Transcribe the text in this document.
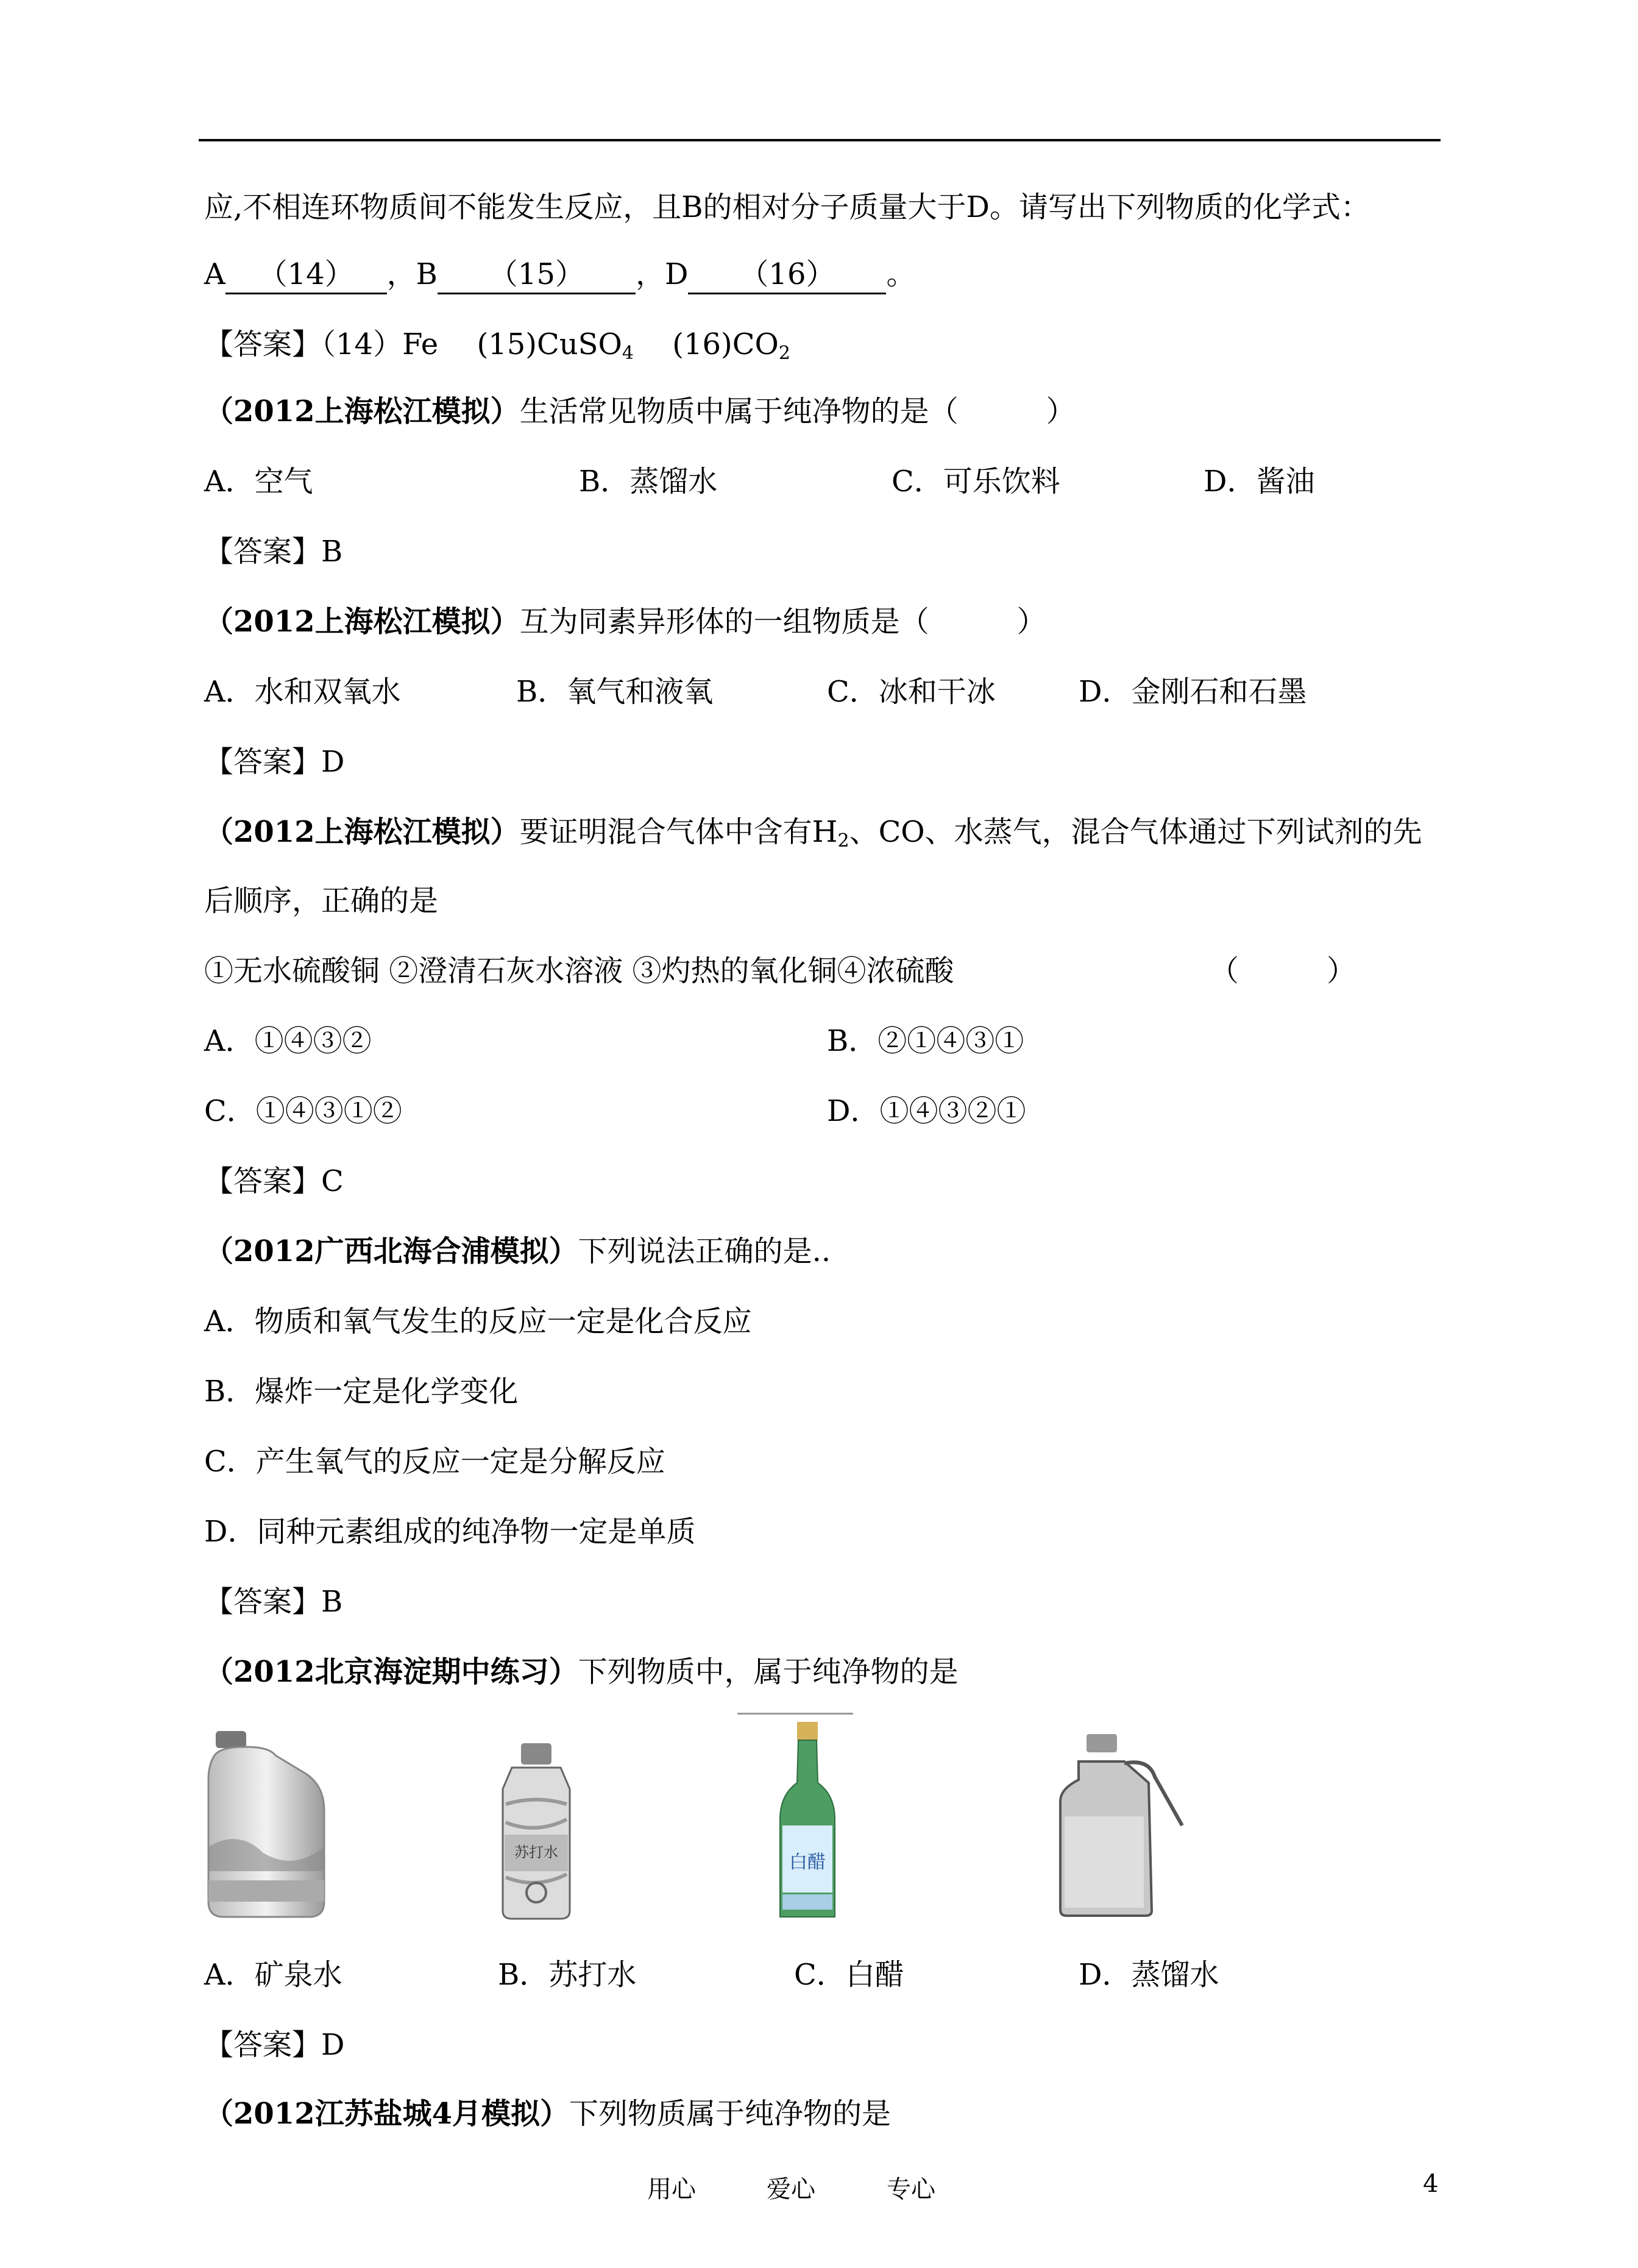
应,不相连环物质间不能发生反应，且B的相对分子质量大于D。请写出下列物质的化学式：
A （14） ，B （15） ，D （16） 。
【答案】（14）Fe　 (15)CuSO$_4$　 $(16)CO_2$
（2012上海松江模拟）生活常见物质中属于纯净物的是（　　　）
A．空气	B．蒸馏水	C．可乐饮料	D．酱油
【答案】B
（2012上海松江模拟）互为同素异形体的一组物质是（　　　）
A．水和双氧水	B．氧气和液氧	C．冰和干冰	D．金刚石和石墨
【答案】D
（2012上海松江模拟）要证明混合气体中含有$H_2$、CO、水蒸气，混合气体通过下列试剂的先
后顺序，正确的是
①无水硫酸铜 ②澄清石灰水溶液 ③灼热的氧化铜④浓硫酸	（　　　）
A．①④③②	B．②①④③①
C．①④③①②	D．①④③②①
【答案】C
（2012广西北海合浦模拟）下列说法正确的是..
A．物质和氧气发生的反应一定是化合反应
B．爆炸一定是化学变化
C．产生氧气的反应一定是分解反应
D．同种元素组成的纯净物一定是单质
【答案】B
（2012北京海淀期中练习）下列物质中，属于纯净物的是
苏打水	白醋
A．矿泉水	B．苏打水	C．白醋	D．蒸馏水
【答案】D
（2012江苏盐城4月模拟）下列物质属于纯净物的是
用心	爱心	专心	4
